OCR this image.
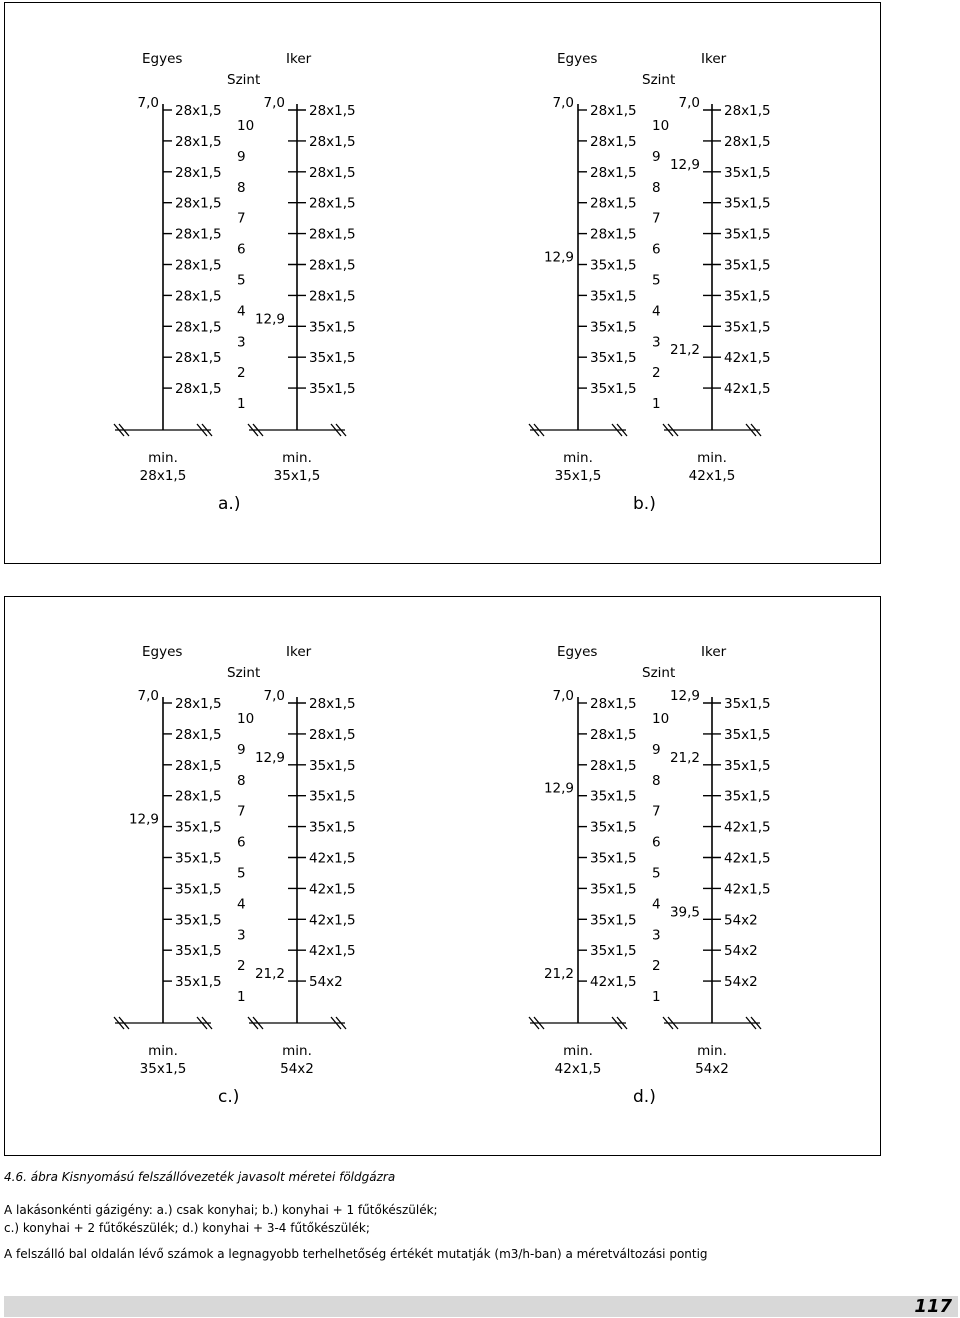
Egyes	Iker
Szint
28x1,5
28x1,5
28x1,5
28x1,5
28x1,5
28x1,5
28x1,5
28x1,5
28x1,5
28x1,5
28x1,5
28x1,5
28x1,5
28x1,5
28x1,5
28x1,5
28x1,5
35x1,5
35x1,5
35x1,5
10
9
8
7
6
5
4
3
2
1
7,0	7,0
12,9
min.
28x1,5
min.
35x1,5
a.)
Egyes	Iker
Szint
28x1,5
28x1,5
28x1,5
28x1,5
28x1,5
35x1,5
35x1,5
35x1,5
35x1,5
35x1,5
28x1,5
28x1,5
35x1,5
35x1,5
35x1,5
35x1,5
35x1,5
35x1,5
42x1,5
42x1,5
10
9
8
7
6
5
4
3
2
1
7,0
12,9
7,0
12,9
21,2
min.
35x1,5
min.
42x1,5
b.)
Egyes	Iker
Szint
28x1,5
28x1,5
28x1,5
28x1,5
35x1,5
35x1,5
35x1,5
35x1,5
35x1,5
35x1,5
28x1,5
28x1,5
35x1,5
35x1,5
35x1,5
42x1,5
42x1,5
42x1,5
42x1,5
54x2
10
9
8
7
6
5
4
3
2
1
7,0
12,9
7,0
12,9
21,2
min.
35x1,5
min.
54x2
c.)
Egyes	Iker
Szint
28x1,5
28x1,5
28x1,5
35x1,5
35x1,5
35x1,5
35x1,5
35x1,5
35x1,5
42x1,5
35x1,5
35x1,5
35x1,5
35x1,5
42x1,5
42x1,5
42x1,5
54x2
54x2
54x2
10
9
8
7
6
5
4
3
2
1
7,0
12,9
21,2
12,9
21,2
39,5
min.
42x1,5
min.
54x2
d.)
4.6. ábra Kisnyomású felszállóvezeték javasolt méretei földgázra
A lakásonkénti gázigény: a.) csak konyhai; b.) konyhai + 1 fűtőkészülék;
c.) konyhai + 2 fűtőkészülék; d.) konyhai + 3-4 fűtőkészülék;
A felszálló bal oldalán lévő számok a legnagyobb terhelhetőség értékét mutatják (m3/h-ban) a méretváltozási pontig
117
